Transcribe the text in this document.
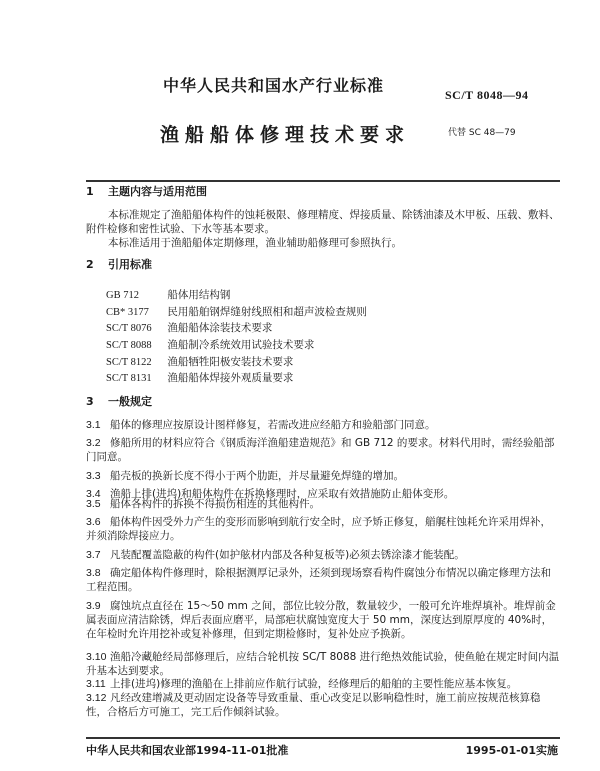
中华人民共和国水产行业标准	SC/T 8048—94
渔船船体修理技术要求	代替 SC 48—79
1 主题内容与适用范围
本标准规定了渔船船体构件的蚀耗极限、修理精度、焊接质量、除锈油漆及木甲板、压载、敷料、附件检修和密性试验、下水等基本要求。
本标准适用于渔船船体定期修理，渔业辅助船修理可参照执行。
2 引用标准
GB 712	船体用结构钢
CB* 3177 民用船舶钢焊缝射线照相和超声波检查规则
SC/T 8076 渔船船体涂装技术要求
SC/T 8088 渔船制冷系统效用试验技术要求
SC/T 8122 渔船牺牲阳极安装技术要求
SC/T 8131 渔船船体焊接外观质量要求
3 一般规定
3.1 船体的修理应按原设计图样修复，若需改进应经船方和验船部门同意。
3.2 修船所用的材料应符合《钢质海洋渔船建造规范》和 GB 712 的要求。材料代用时，需经验船部门同意。
3.3 船壳板的换新长度不得小于两个肋距，并尽量避免焊缝的增加。
3.4 渔船上排(进坞)和船体构件在拆换修理时，应采取有效措施防止船体变形。
3.5 船体各构件的拆换不得损伤相连的其他构件。
3.6 船体构件因受外力产生的变形而影响到航行安全时，应予矫正修复，艏艉柱蚀耗允许采用焊补，并须消除焊接应力。
3.7 凡装配覆盖隐蔽的构件(如护舷材内部及各种复板等)必须去锈涂漆才能装配。
3.8 确定船体构件修理时，除根据测厚记录外，还须到现场察看构件腐蚀分布情况以确定修理方法和工程范围。
3.9 腐蚀坑点直径在 15～50 mm 之间，部位比较分散，数量较少，一般可允许堆焊填补。堆焊前金属表面应清洁除锈，焊后表面应磨平，局部疤状腐蚀宽度大于 50 mm，深度达到原厚度的 40%时，在年检时允许用挖补或复补修理，但到定期检修时，复补处应予换新。
3.10 渔船冷藏舱经局部修理后，应结合轮机按 SC/T 8088 进行绝热效能试验，使鱼舱在规定时间内温升基本达到要求。
3.11 上排(进坞)修理的渔船在上排前应作航行试验，经修理后的船舶的主要性能应基本恢复。
3.12 凡经改建增减及更动固定设备等导致重量、重心改变足以影响稳性时，施工前应按规范核算稳性，合格后方可施工，完工后作倾斜试验。
中华人民共和国农业部1994-11-01批准	1995-01-01实施
